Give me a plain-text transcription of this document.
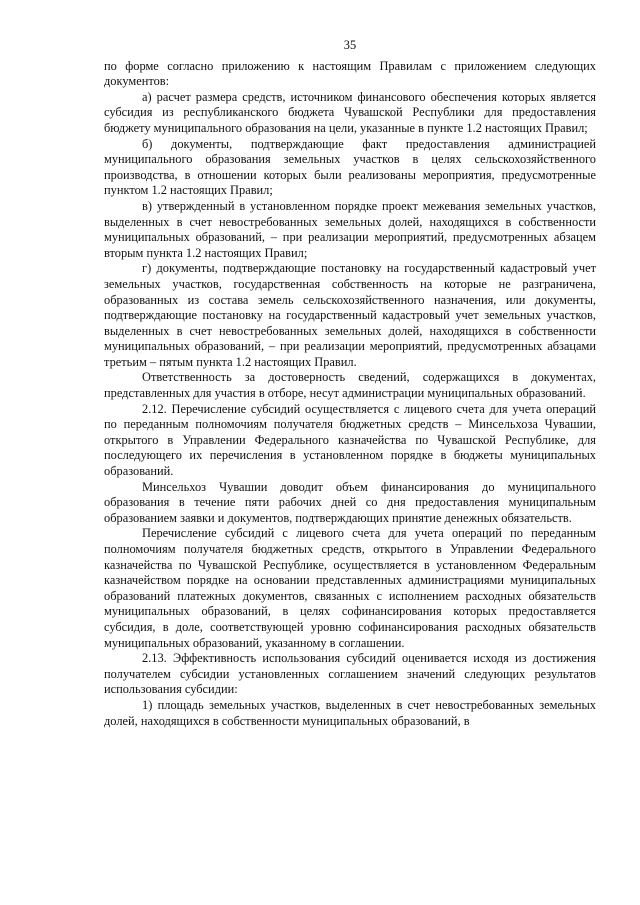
35

по форме согласно приложению к настоящим Правилам с приложением следующих документов:

а) расчет размера средств, источником финансового обеспечения которых является субсидия из республиканского бюджета Чувашской Республики для предоставления бюджету муниципального образования на цели, указанные в пункте 1.2 настоящих Правил;

б) документы, подтверждающие факт предоставления администрацией муниципального образования земельных участков в целях сельскохозяйственного производства, в отношении которых были реализованы мероприятия, предусмотренные пунктом 1.2 настоящих Правил;

в) утвержденный в установленном порядке проект межевания земельных участков, выделенных в счет невостребованных земельных долей, находящихся в собственности муниципальных образований, – при реализации мероприятий, предусмотренных абзацем вторым пункта 1.2 настоящих Правил;

г) документы, подтверждающие постановку на государственный кадастровый учет земельных участков, государственная собственность на которые не разграничена, образованных из состава земель сельскохозяйственного назначения, или документы, подтверждающие постановку на государственный кадастровый учет земельных участков, выделенных в счет невостребованных земельных долей, находящихся в собственности муниципальных образований, – при реализации мероприятий, предусмотренных абзацами третьим – пятым пункта 1.2 настоящих Правил.

Ответственность за достоверность сведений, содержащихся в документах, представленных для участия в отборе, несут администрации муниципальных образований.

2.12. Перечисление субсидий осуществляется с лицевого счета для учета операций по переданным полномочиям получателя бюджетных средств – Минсельхоза Чувашии, открытого в Управлении Федерального казначейства по Чувашской Республике, для последующего их перечисления в установленном порядке в бюджеты муниципальных образований.

Минсельхоз Чувашии доводит объем финансирования до муниципального образования в течение пяти рабочих дней со дня предоставления муниципальным образованием заявки и документов, подтверждающих принятие денежных обязательств.

Перечисление субсидий с лицевого счета для учета операций по переданным полномочиям получателя бюджетных средств, открытого в Управлении Федерального казначейства по Чувашской Республике, осуществляется в установленном Федеральным казначейством порядке на основании представленных администрациями муниципальных образований платежных документов, связанных с исполнением расходных обязательств муниципальных образований, в целях софинансирования которых предоставляется субсидия, в доле, соответствующей уровню софинансирования расходных обязательств муниципальных образований, указанному в соглашении.

2.13. Эффективность использования субсидий оценивается исходя из достижения получателем субсидии установленных соглашением значений следующих результатов использования субсидии:

1) площадь земельных участков, выделенных в счет невостребованных земельных долей, находящихся в собственности муниципальных образований, в
